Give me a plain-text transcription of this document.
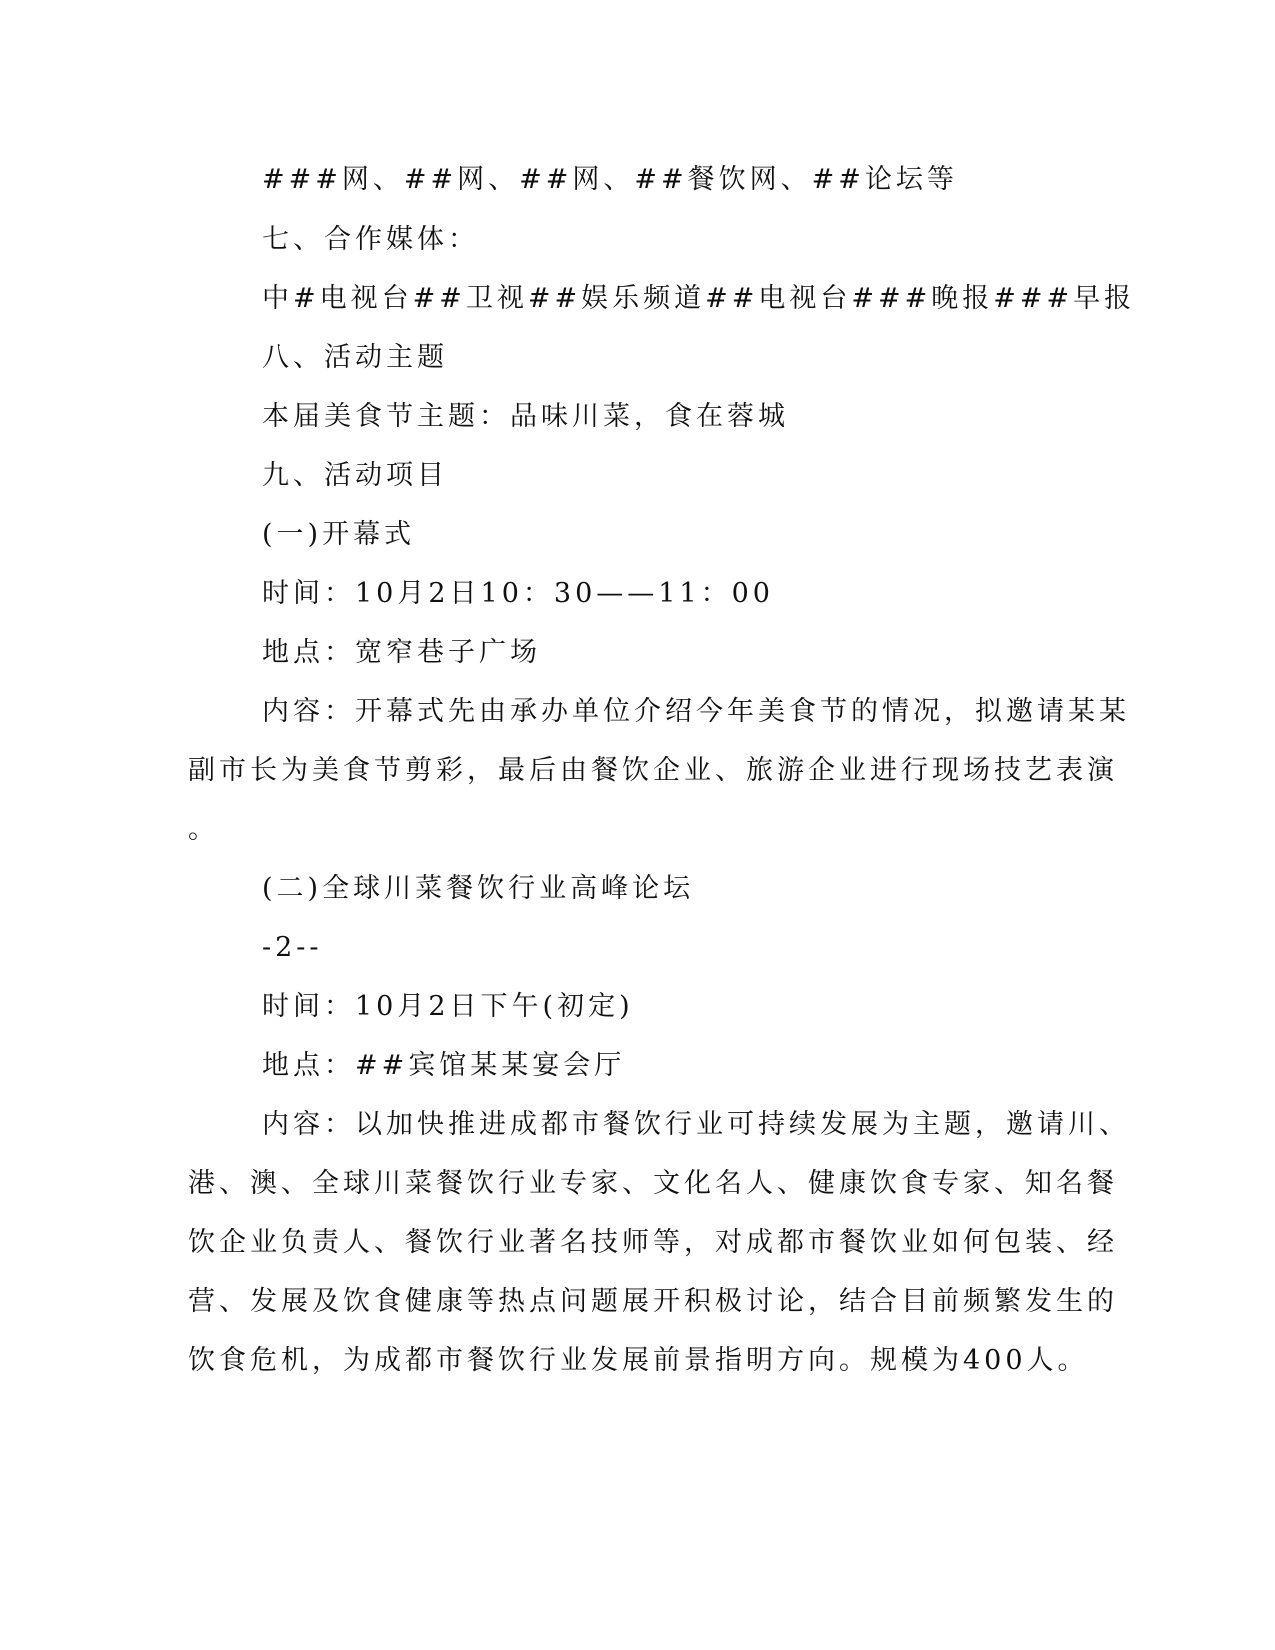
###网、##网、##网、##餐饮网、##论坛等
七、合作媒体：
中#电视台##卫视##娱乐频道##电视台###晚报###早报
八、活动主题
本届美食节主题：品味川菜，食在蓉城
九、活动项目
(一)开幕式
时间：10月2日10：30——11：00
地点：宽窄巷子广场
内容：开幕式先由承办单位介绍今年美食节的情况，拟邀请某某
副市长为美食节剪彩，最后由餐饮企业、旅游企业进行现场技艺表演
。
(二)全球川菜餐饮行业高峰论坛
-2--
时间：10月2日下午(初定)
地点：##宾馆某某宴会厅
内容：以加快推进成都市餐饮行业可持续发展为主题，邀请川、
港、澳、全球川菜餐饮行业专家、文化名人、健康饮食专家、知名餐
饮企业负责人、餐饮行业著名技师等，对成都市餐饮业如何包装、经
营、发展及饮食健康等热点问题展开积极讨论，结合目前频繁发生的
饮食危机，为成都市餐饮行业发展前景指明方向。规模为400人。
